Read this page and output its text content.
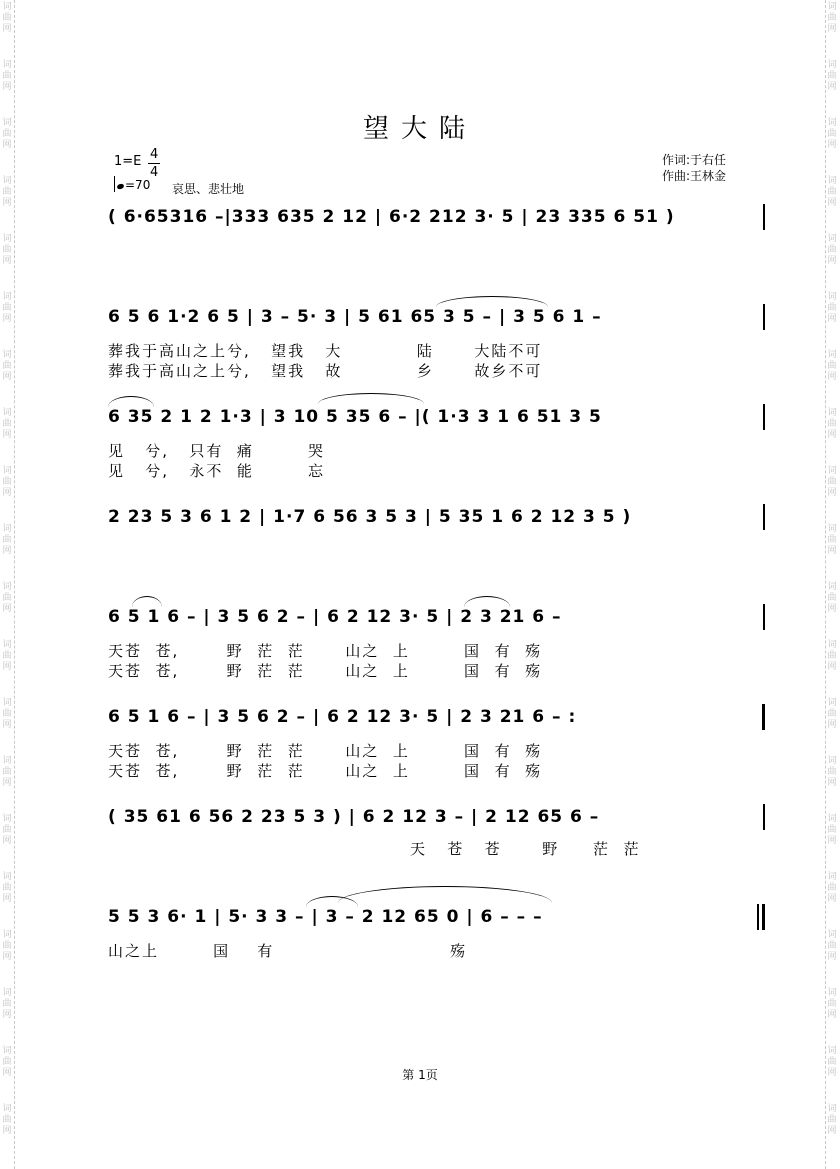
词
曲
网
词
曲
网
词
曲
网
词
曲
网
词
曲
网
词
曲
网
词
曲
网
词
曲
网
词
曲
网
词
曲
网
词
曲
网
词
曲
网
词
曲
网
词
曲
网
词
曲
网
词
曲
网
词
曲
网
词
曲
网
词
曲
网
词
曲
网
词
曲
网
词
曲
网
词
曲
网
词
曲
网
词
曲
网
词
曲
网
词
曲
网
词
曲
网
词
曲
网
词
曲
网
词
曲
网
词
曲
网
词
曲
网
词
曲
网
词
曲
网
词
曲
网
词
曲
网
词
曲
网
词
曲
网
词
曲
网
望大陆
1=E 4
4
=70 哀思、悲壮地
作词:于右任
作曲:王林金
( 6·65316 –|333 635 2 12 | 6·2 212 3· 5 | 23 335 6 51 )
6 5 6 1·2 6 5 | 3 – 5· 3 | 5 61 65 3 5 – | 3 5 6 1 –
葬我于高山之上兮,   望我   大           陆      大陆不可
葬我于高山之上兮,   望我   故           乡      故乡不可
6 35 2 1 2 1·3 | 3 10 5 35 6 – |( 1·3 3 1 6 51 3 5
见   兮,   只有  痛        哭
见   兮,   永不  能        忘
2 23 5 3 6 1 2 | 1·7 6 56 3 5 3 | 5 35 1 6 2 12 3 5 )
6 5 1 6 – | 3 5 6 2 – | 6 2 12 3· 5 | 2 3 21 6 –
天苍  苍,       野  茫  茫      山之  上        国  有  殇
天苍  苍,       野  茫  茫      山之  上        国  有  殇
6 5 1 6 – | 3 5 6 2 – | 6 2 12 3· 5 | 2 3 21 6 – :
天苍  苍,       野  茫  茫      山之  上        国  有  殇
天苍  苍,       野  茫  茫      山之  上        国  有  殇
( 35 61 6 56 2 23 5 3 ) | 6 2 12 3 – | 2 12 65 6 –
天   苍   苍      野     茫  茫
5 5 3 6· 1 | 5· 3 3 – | 3 – 2 12 65 0 | 6 – – –
山之上        国    有                          殇
第 1页
